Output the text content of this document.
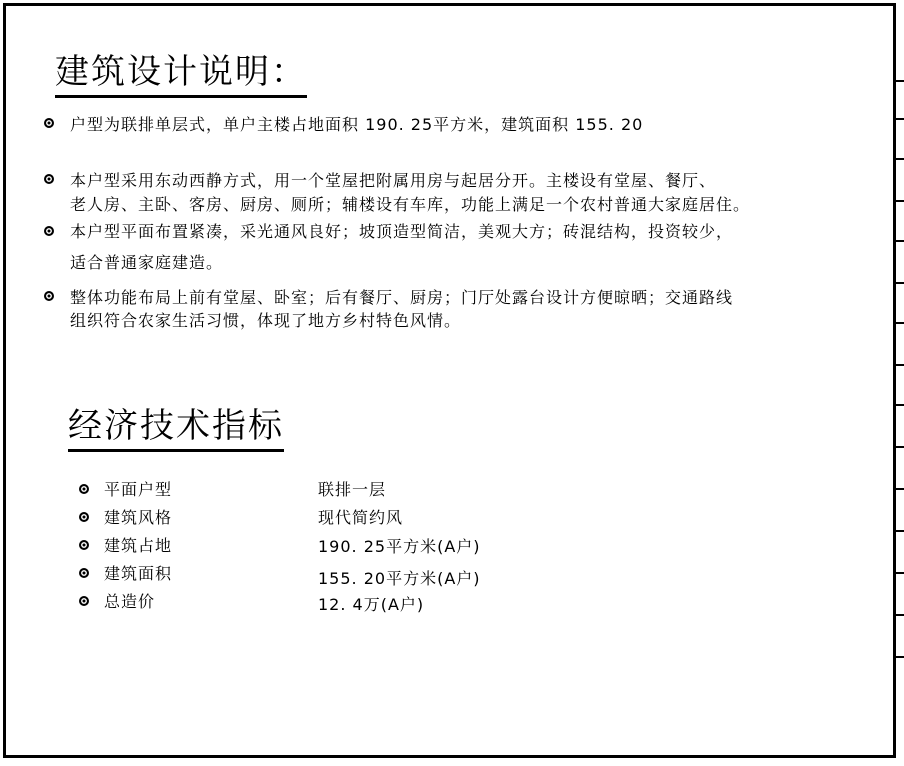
建筑设计说明：
户型为联排单层式，单户主楼占地面积 190. 25平方米，建筑面积 155. 20
本户型采用东动西静方式，用一个堂屋把附属用房与起居分开。主楼设有堂屋、餐厅、
老人房、主卧、客房、厨房、厕所；辅楼设有车库，功能上满足一个农村普通大家庭居住。
本户型平面布置紧凑，采光通风良好；坡顶造型简洁，美观大方；砖混结构，投资较少，
适合普通家庭建造。
整体功能布局上前有堂屋、卧室；后有餐厅、厨房；门厅处露台设计方便晾晒；交通路线
组织符合农家生活习惯，体现了地方乡村特色风情。
经济技术指标
平面户型	联排一层
建筑风格	现代简约风
建筑占地	190. 25平方米(A户)
建筑面积	155. 20平方米(A户)
总造价	12. 4万(A户)
